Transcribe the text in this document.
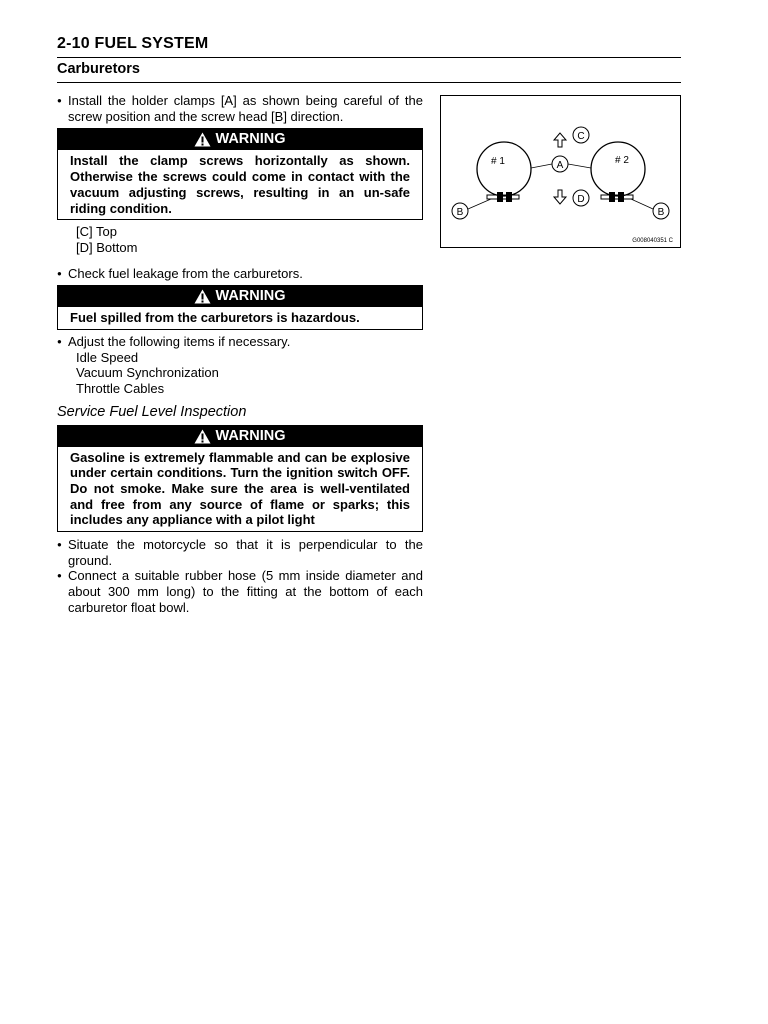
2-10 FUEL SYSTEM
Carburetors
● Install the holder clamps [A] as shown being careful of the screw position and the screw head [B] direction.
WARNING
Install the clamp screws horizontally as shown. Otherwise the screws could come in contact with the vacuum adjusting screws, resulting in an un-safe riding condition.
[C] Top
[D] Bottom
● Check fuel leakage from the carburetors.
WARNING
Fuel spilled from the carburetors is hazardous.
● Adjust the following items if necessary.
Idle Speed
Vacuum Synchronization
Throttle Cables
Service Fuel Level Inspection
WARNING
Gasoline is extremely flammable and can be explosive under certain conditions. Turn the ignition switch OFF. Do not smoke. Make sure the area is well-ventilated and free from any source of flame or sparks; this includes any appliance with a pilot light
● Situate the motorcycle so that it is perpendicular to the ground.
● Connect a suitable rubber hose (5 mm inside diameter and about 300 mm long) to the fitting at the bottom of each carburetor float bowl.
# 1	# 2
A
B	B
C
D
G008040351 C
